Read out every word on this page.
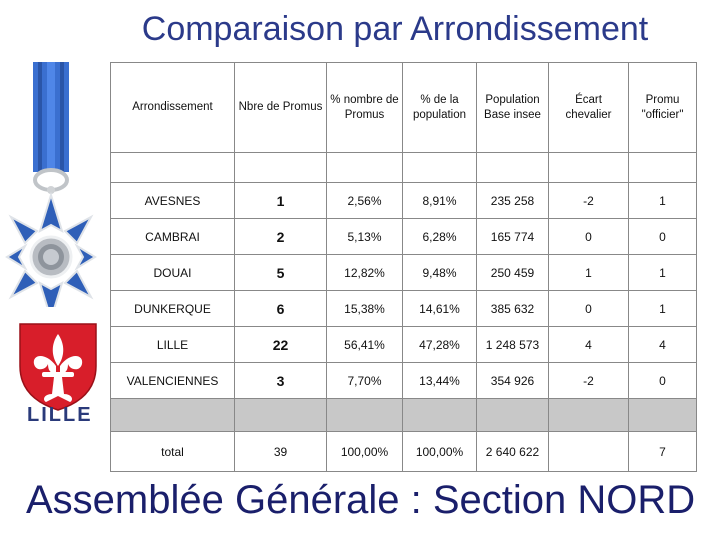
Comparaison par Arrondissement
LILLE
Arrondissement	Nbre de Promus	% nombre de Promus	% de la population	Population Base insee	Écart chevalier	Promu "officier"

AVESNES	1	2,56%	8,91%	235 258	-2	1
CAMBRAI	2	5,13%	6,28%	165 774	0	0
DOUAI	5	12,82%	9,48%	250 459	1	1
DUNKERQUE	6	15,38%	14,61%	385 632	0	1
LILLE	22	56,41%	47,28%	1 248 573	4	4
VALENCIENNES	3	7,70%	13,44%	354 926	-2	0

total	39	100,00%	100,00%	2 640 622		7
Assemblée Générale : Section NORD
